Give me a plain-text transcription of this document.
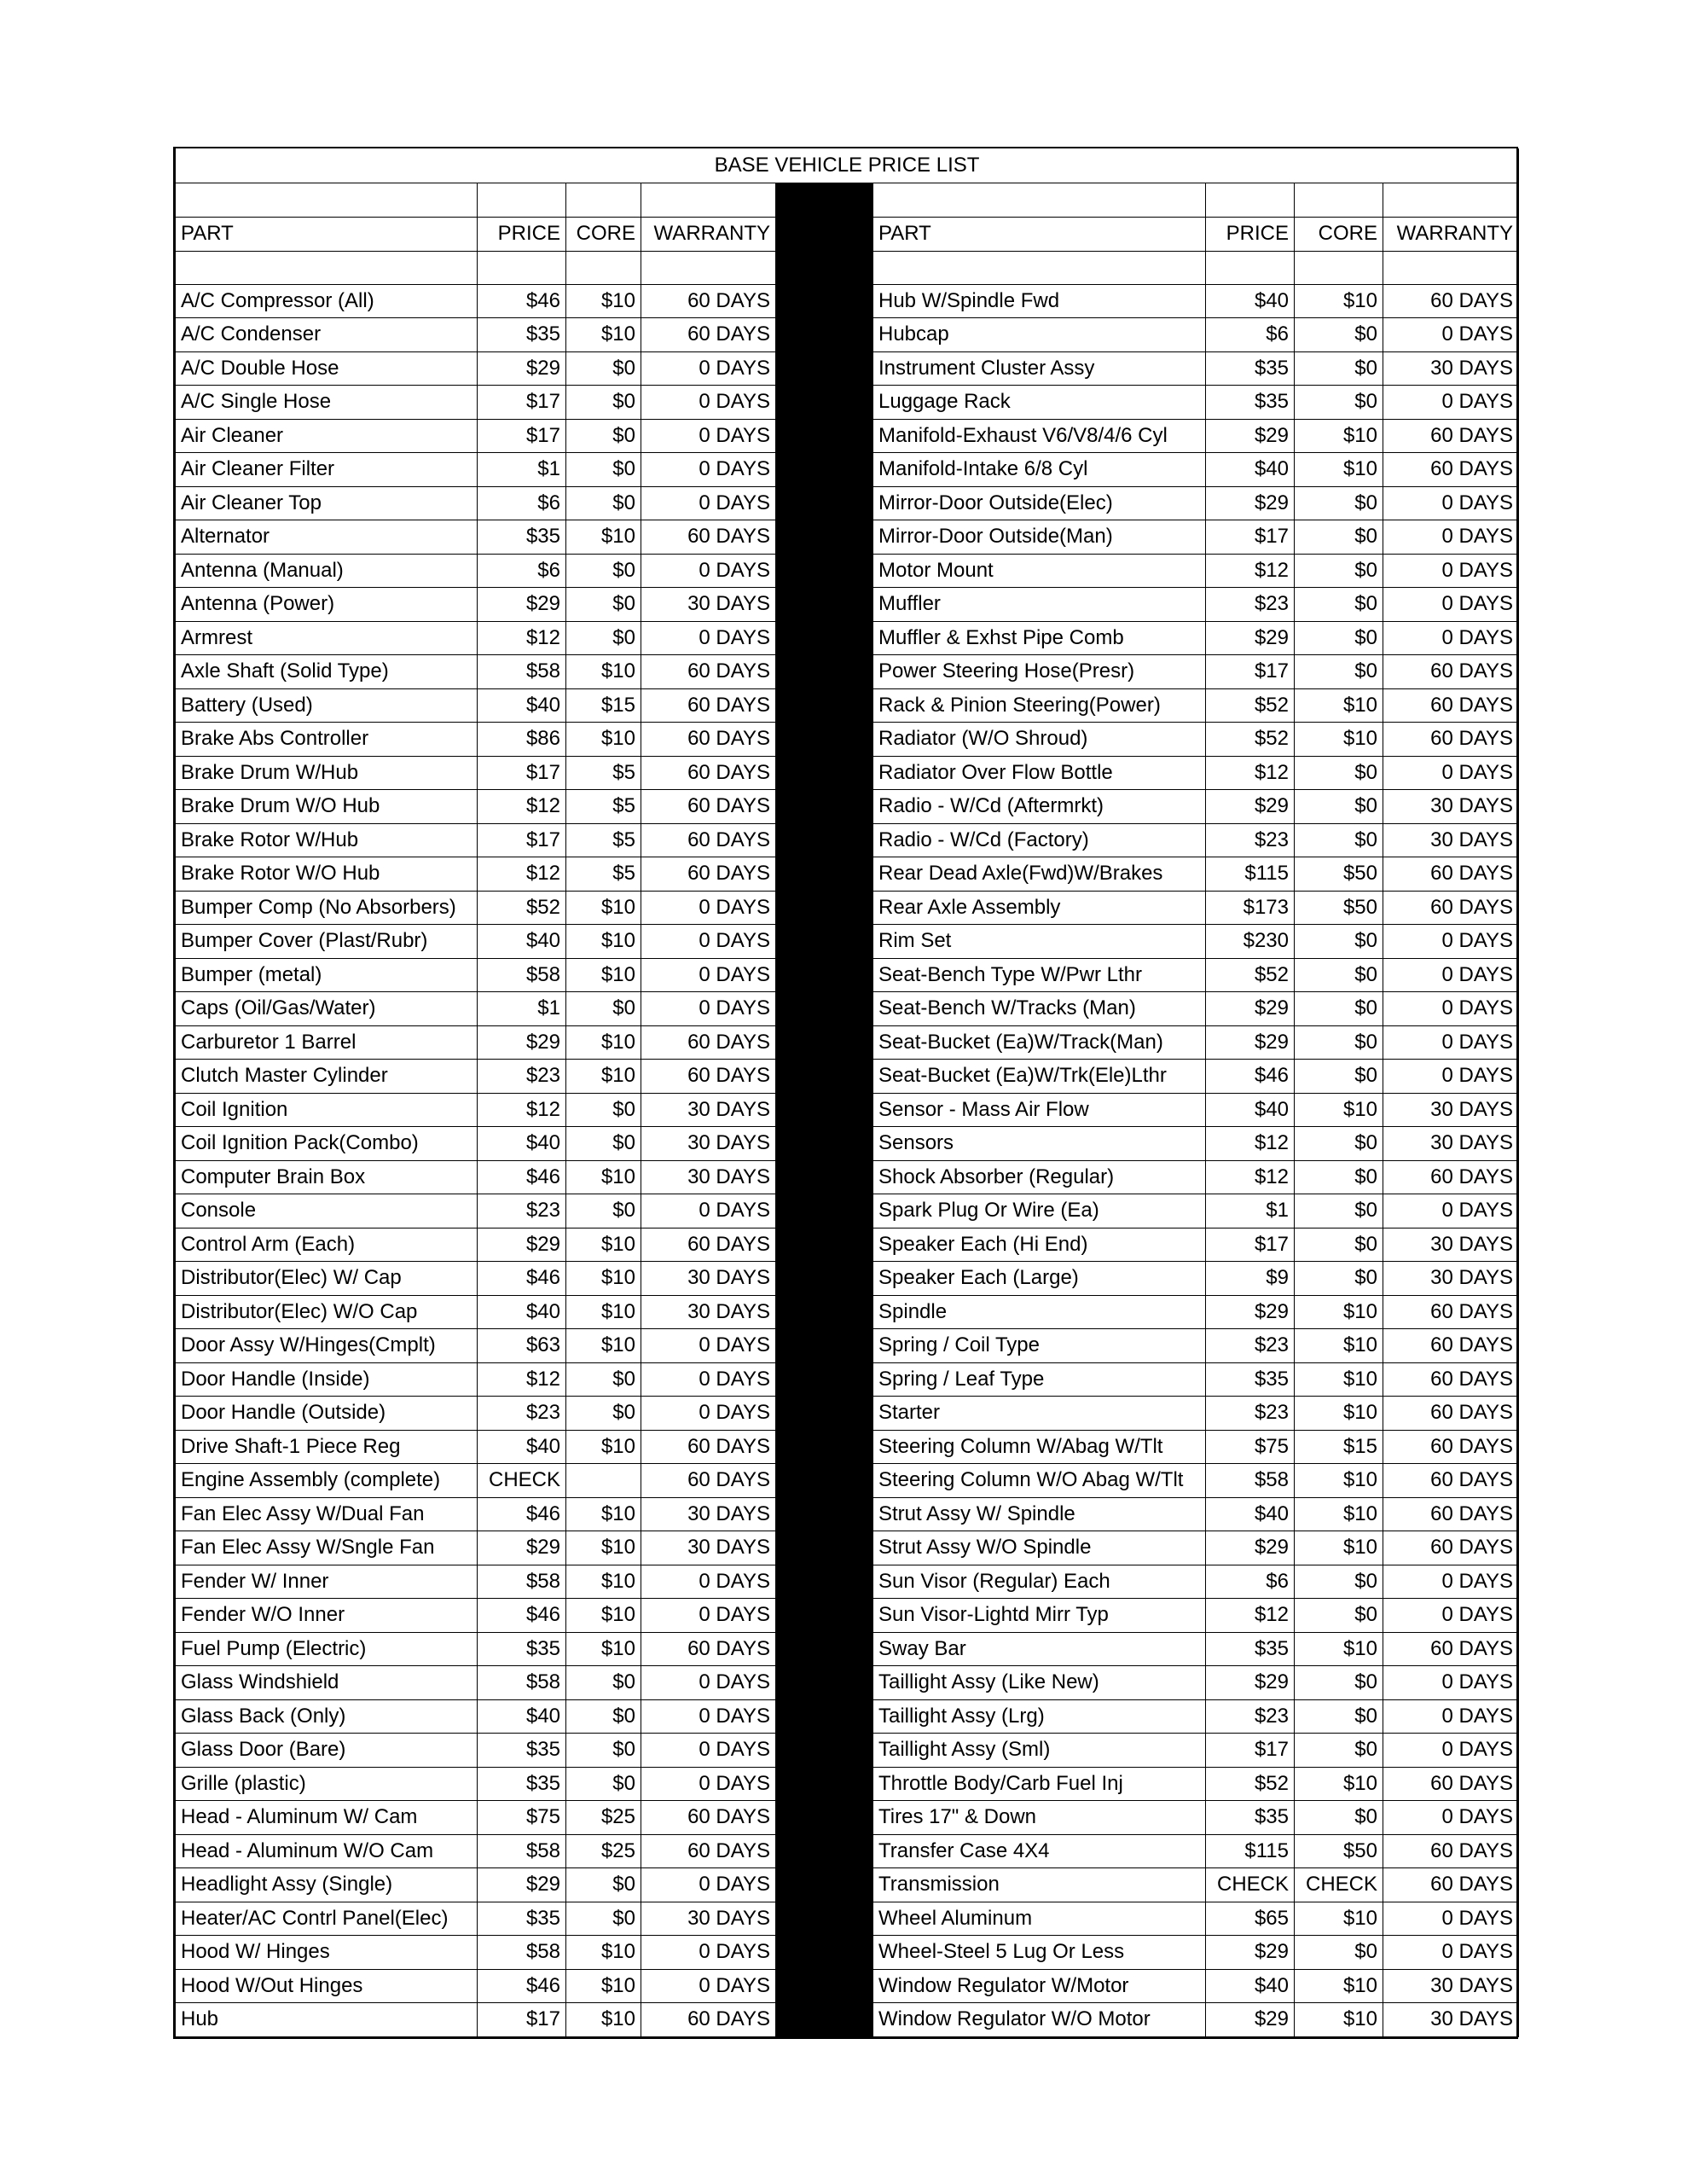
BASE VEHICLE PRICE LIST								

PART	PRICE	CORE	WARRANTY		PART	PRICE	CORE	WARRANTY

A/C Compressor (All)	$46	$10	60 DAYS		Hub W/Spindle Fwd	$40	$10	60 DAYS
A/C Condenser	$35	$10	60 DAYS		Hubcap	$6	$0	0 DAYS
A/C Double Hose	$29	$0	0 DAYS		Instrument Cluster Assy	$35	$0	30 DAYS
A/C Single Hose	$17	$0	0 DAYS		Luggage Rack	$35	$0	0 DAYS
Air Cleaner	$17	$0	0 DAYS		Manifold-Exhaust V6/V8/4/6 Cyl	$29	$10	60 DAYS
Air Cleaner Filter	$1	$0	0 DAYS		Manifold-Intake 6/8 Cyl	$40	$10	60 DAYS
Air Cleaner Top	$6	$0	0 DAYS		Mirror-Door Outside(Elec)	$29	$0	0 DAYS
Alternator	$35	$10	60 DAYS		Mirror-Door Outside(Man)	$17	$0	0 DAYS
Antenna (Manual)	$6	$0	0 DAYS		Motor Mount	$12	$0	0 DAYS
Antenna (Power)	$29	$0	30 DAYS		Muffler	$23	$0	0 DAYS
Armrest	$12	$0	0 DAYS		Muffler & Exhst Pipe Comb	$29	$0	0 DAYS
Axle Shaft (Solid Type)	$58	$10	60 DAYS		Power Steering Hose(Presr)	$17	$0	60 DAYS
Battery (Used)	$40	$15	60 DAYS		Rack & Pinion Steering(Power)	$52	$10	60 DAYS
Brake Abs Controller	$86	$10	60 DAYS		Radiator (W/O Shroud)	$52	$10	60 DAYS
Brake Drum W/Hub	$17	$5	60 DAYS		Radiator Over Flow Bottle	$12	$0	0 DAYS
Brake Drum W/O Hub	$12	$5	60 DAYS		Radio - W/Cd (Aftermrkt)	$29	$0	30 DAYS
Brake Rotor W/Hub	$17	$5	60 DAYS		Radio - W/Cd (Factory)	$23	$0	30 DAYS
Brake Rotor W/O Hub	$12	$5	60 DAYS		Rear Dead Axle(Fwd)W/Brakes	$115	$50	60 DAYS
Bumper Comp (No Absorbers)	$52	$10	0 DAYS		Rear Axle Assembly	$173	$50	60 DAYS
Bumper Cover (Plast/Rubr)	$40	$10	0 DAYS		Rim Set	$230	$0	0 DAYS
Bumper (metal)	$58	$10	0 DAYS		Seat-Bench Type W/Pwr Lthr	$52	$0	0 DAYS
Caps (Oil/Gas/Water)	$1	$0	0 DAYS		Seat-Bench W/Tracks (Man)	$29	$0	0 DAYS
Carburetor 1 Barrel	$29	$10	60 DAYS		Seat-Bucket (Ea)W/Track(Man)	$29	$0	0 DAYS
Clutch Master Cylinder	$23	$10	60 DAYS		Seat-Bucket (Ea)W/Trk(Ele)Lthr	$46	$0	0 DAYS
Coil Ignition	$12	$0	30 DAYS		Sensor - Mass Air Flow	$40	$10	30 DAYS
Coil Ignition Pack(Combo)	$40	$0	30 DAYS		Sensors	$12	$0	30 DAYS
Computer Brain Box	$46	$10	30 DAYS		Shock Absorber (Regular)	$12	$0	60 DAYS
Console	$23	$0	0 DAYS		Spark Plug Or Wire (Ea)	$1	$0	0 DAYS
Control Arm (Each)	$29	$10	60 DAYS		Speaker Each (Hi End)	$17	$0	30 DAYS
Distributor(Elec) W/ Cap	$46	$10	30 DAYS		Speaker Each (Large)	$9	$0	30 DAYS
Distributor(Elec) W/O Cap	$40	$10	30 DAYS		Spindle	$29	$10	60 DAYS
Door Assy W/Hinges(Cmplt)	$63	$10	0 DAYS		Spring / Coil Type	$23	$10	60 DAYS
Door Handle (Inside)	$12	$0	0 DAYS		Spring / Leaf Type	$35	$10	60 DAYS
Door Handle (Outside)	$23	$0	0 DAYS		Starter	$23	$10	60 DAYS
Drive Shaft-1 Piece Reg	$40	$10	60 DAYS		Steering Column W/Abag W/Tlt	$75	$15	60 DAYS
Engine Assembly (complete)	CHECK		60 DAYS		Steering Column W/O Abag W/Tlt	$58	$10	60 DAYS
Fan Elec Assy W/Dual Fan	$46	$10	30 DAYS		Strut Assy W/ Spindle	$40	$10	60 DAYS
Fan Elec Assy W/Sngle Fan	$29	$10	30 DAYS		Strut Assy W/O Spindle	$29	$10	60 DAYS
Fender W/ Inner	$58	$10	0 DAYS		Sun Visor (Regular) Each	$6	$0	0 DAYS
Fender W/O Inner	$46	$10	0 DAYS		Sun Visor-Lightd Mirr Typ	$12	$0	0 DAYS
Fuel Pump (Electric)	$35	$10	60 DAYS		Sway Bar	$35	$10	60 DAYS
Glass Windshield	$58	$0	0 DAYS		Taillight Assy (Like New)	$29	$0	0 DAYS
Glass Back (Only)	$40	$0	0 DAYS		Taillight Assy (Lrg)	$23	$0	0 DAYS
Glass Door (Bare)	$35	$0	0 DAYS		Taillight Assy (Sml)	$17	$0	0 DAYS
Grille (plastic)	$35	$0	0 DAYS		Throttle Body/Carb Fuel Inj	$52	$10	60 DAYS
Head - Aluminum W/ Cam	$75	$25	60 DAYS		Tires 17" & Down	$35	$0	0 DAYS
Head - Aluminum W/O Cam	$58	$25	60 DAYS		Transfer Case 4X4	$115	$50	60 DAYS
Headlight Assy (Single)	$29	$0	0 DAYS		Transmission	CHECK	CHECK	60 DAYS
Heater/AC Contrl Panel(Elec)	$35	$0	30 DAYS		Wheel Aluminum	$65	$10	0 DAYS
Hood W/ Hinges	$58	$10	0 DAYS		Wheel-Steel 5 Lug Or Less	$29	$0	0 DAYS
Hood W/Out Hinges	$46	$10	0 DAYS		Window Regulator W/Motor	$40	$10	30 DAYS
Hub	$17	$10	60 DAYS		Window Regulator W/O Motor	$29	$10	30 DAYS
